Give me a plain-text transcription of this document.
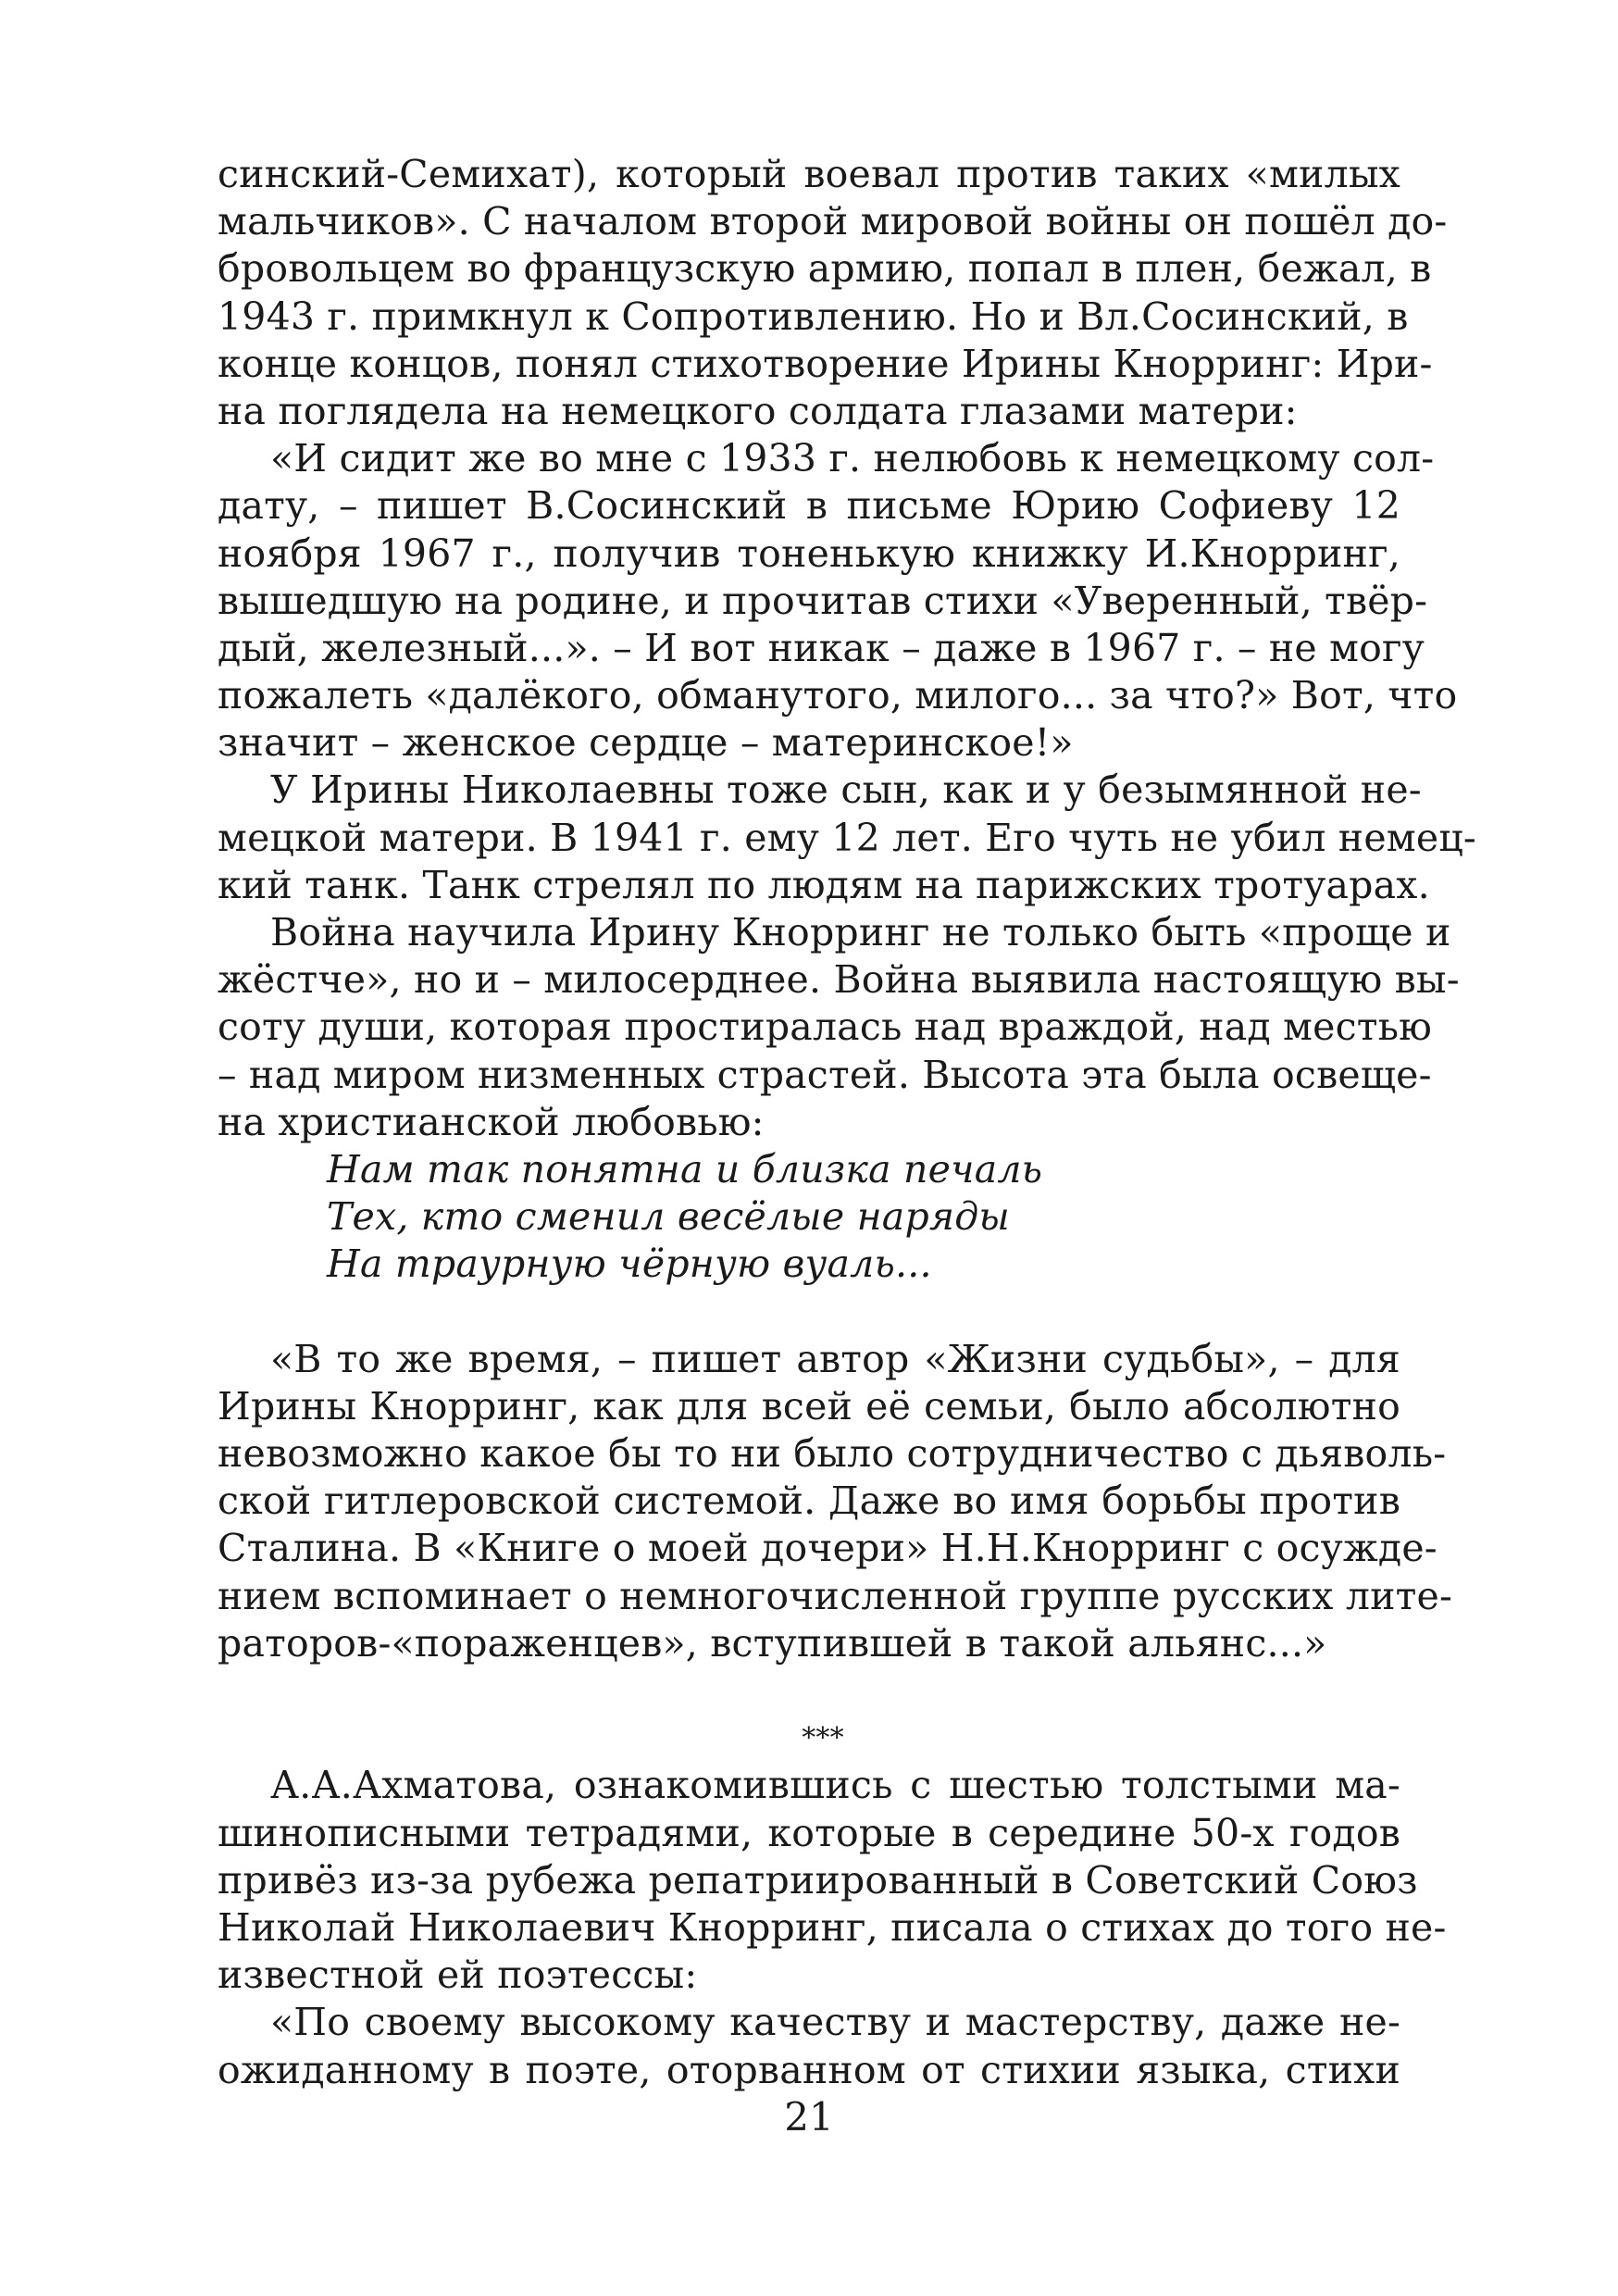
синский-Семихат), который воевал против таких «милых
мальчиков». С началом второй мировой войны он пошёл до-
бровольцем во французскую армию, попал в плен, бежал, в
1943 г. примкнул к Сопротивлению. Но и Вл.Сосинский, в
конце концов, понял стихотворение Ирины Кнорринг: Ири-
на поглядела на немецкого солдата глазами матери:
«И сидит же во мне с 1933 г. нелюбовь к немецкому сол-
дату, – пишет В.Сосинский в письме Юрию Софиеву 12
ноября 1967 г., получив тоненькую книжку И.Кнорринг,
вышедшую на родине, и прочитав стихи «Уверенный, твёр-
дый, железный...». – И вот никак – даже в 1967 г. – не могу
пожалеть «далёкого, обманутого, милого... за что?» Вот, что
значит – женское сердце – материнское!»
У Ирины Николаевны тоже сын, как и у безымянной не-
мецкой матери. В 1941 г. ему 12 лет. Его чуть не убил немец-
кий танк. Танк стрелял по людям на парижских тротуарах.
Война научила Ирину Кнорринг не только быть «проще и
жёстче», но и – милосерднее. Война выявила настоящую вы-
соту души, которая простиралась над враждой, над местью
– над миром низменных страстей. Высота эта была освеще-
на христианской любовью:
Нам так понятна и близка печаль
Тех, кто сменил весёлые наряды
На траурную чёрную вуаль...
«В то же время, – пишет автор «Жизни судьбы», – для
Ирины Кнорринг, как для всей её семьи, было абсолютно
невозможно какое бы то ни было сотрудничество с дьяволь-
ской гитлеровской системой. Даже во имя борьбы против
Сталина. В «Книге о моей дочери» Н.Н.Кнорринг с осужде-
нием вспоминает о немногочисленной группе русских лите-
раторов-«пораженцев», вступившей в такой альянс...»
***
А.А.Ахматова, ознакомившись с шестью толстыми ма-
шинописными тетрадями, которые в середине 50-х годов
привёз из-за рубежа репатриированный в Советский Союз
Николай Николаевич Кнорринг, писала о стихах до того не-
известной ей поэтессы:
«По своему высокому качеству и мастерству, даже не-
ожиданному в поэте, оторванном от стихии языка, стихи
21
